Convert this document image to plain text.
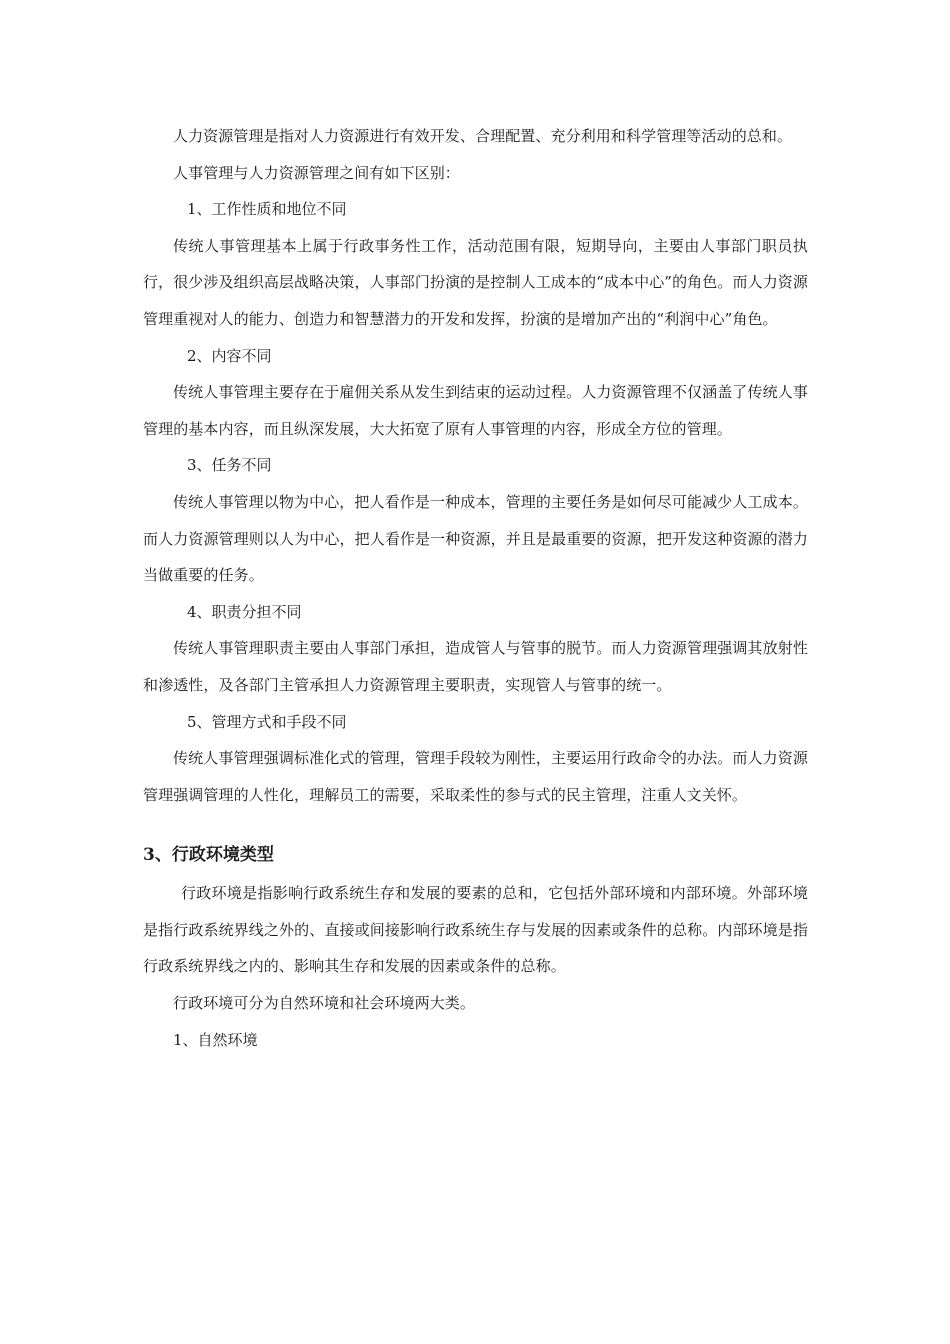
人力资源管理是指对人力资源进行有效开发、合理配置、充分利用和科学管理等活动的总和。

人事管理与人力资源管理之间有如下区别：

1、工作性质和地位不同

传统人事管理基本上属于行政事务性工作，活动范围有限，短期导向，主要由人事部门职员执行，很少涉及组织高层战略决策，人事部门扮演的是控制人工成本的“成本中心”的角色。而人力资源管理重视对人的能力、创造力和智慧潜力的开发和发挥，扮演的是增加产出的“利润中心”角色。

2、内容不同

传统人事管理主要存在于雇佣关系从发生到结束的运动过程。人力资源管理不仅涵盖了传统人事管理的基本内容，而且纵深发展，大大拓宽了原有人事管理的内容，形成全方位的管理。

3、任务不同

传统人事管理以物为中心，把人看作是一种成本，管理的主要任务是如何尽可能减少人工成本。而人力资源管理则以人为中心，把人看作是一种资源，并且是最重要的资源，把开发这种资源的潜力当做重要的任务。

4、职责分担不同

传统人事管理职责主要由人事部门承担，造成管人与管事的脱节。而人力资源管理强调其放射性和渗透性，及各部门主管承担人力资源管理主要职责，实现管人与管事的统一。

5、管理方式和手段不同

传统人事管理强调标准化式的管理，管理手段较为刚性，主要运用行政命令的办法。而人力资源管理强调管理的人性化，理解员工的需要，采取柔性的参与式的民主管理，注重人文关怀。

3、行政环境类型

行政环境是指影响行政系统生存和发展的要素的总和，它包括外部环境和内部环境。外部环境是指行政系统界线之外的、直接或间接影响行政系统生存与发展的因素或条件的总称。内部环境是指行政系统界线之内的、影响其生存和发展的因素或条件的总称。

行政环境可分为自然环境和社会环境两大类。

1、自然环境
